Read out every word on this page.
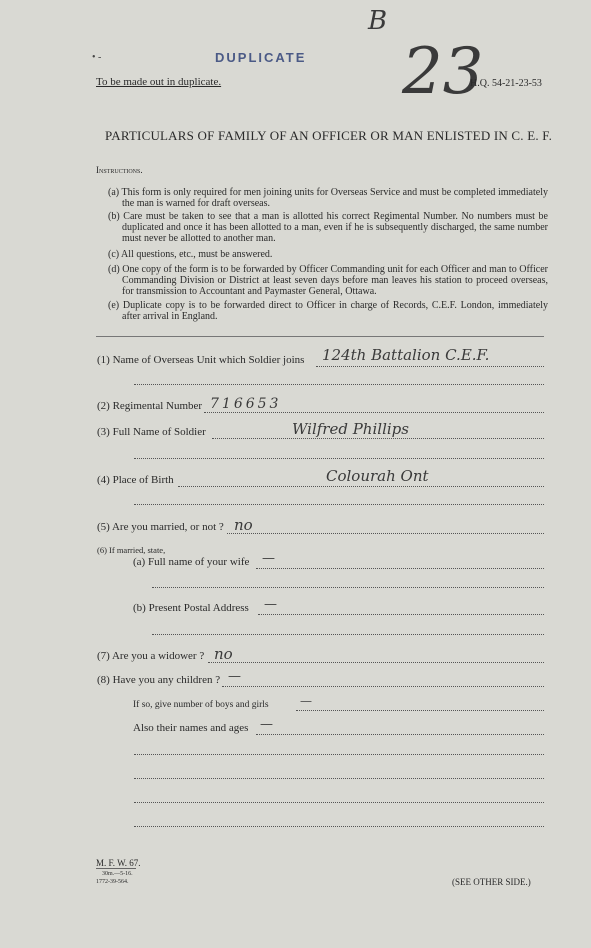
B
• -	DUPLICATE
To be made out in duplicate.	23
H.Q. 54-21-23-53
PARTICULARS OF FAMILY OF AN OFFICER OR MAN ENLISTED IN C. E. F.
Instructions.
(a) This form is only required for men joining units for Overseas Service and must be completed immediately the man is warned for draft overseas.
(b) Care must be taken to see that a man is allotted his correct Regimental Number. No numbers must be duplicated and once it has been allotted to a man, even if he is subsequently discharged, the same number must never be allotted to another man.
(c) All questions, etc., must be answered.
(d) One copy of the form is to be forwarded by Officer Commanding unit for each Officer and man to Officer Commanding Division or District at least seven days before man leaves his station to proceed overseas, for transmission to Accountant and Paymaster General, Ottawa.
(e) Duplicate copy is to be forwarded direct to Officer in charge of Records, C.E.F. London, immediately after arrival in England.
(1) Name of Overseas Unit which Soldier joins 124th Battalion C.E.F.
(2) Regimental Number 716653
(3) Full Name of Soldier	Wilfred Phillips
(4) Place of Birth	Colourah Ont
(5) Are you married, or not ? no
(6) If married, state,
(a) Full name of your wife —
(b) Present Postal Address —
(7) Are you a widower ? no
(8) Have you any children ? —
If so, give number of boys and girls	—
Also their names and ages —
M. F. W. 67.
30m.—5-16.
1772-39-564.	(SEE OTHER SIDE.)
